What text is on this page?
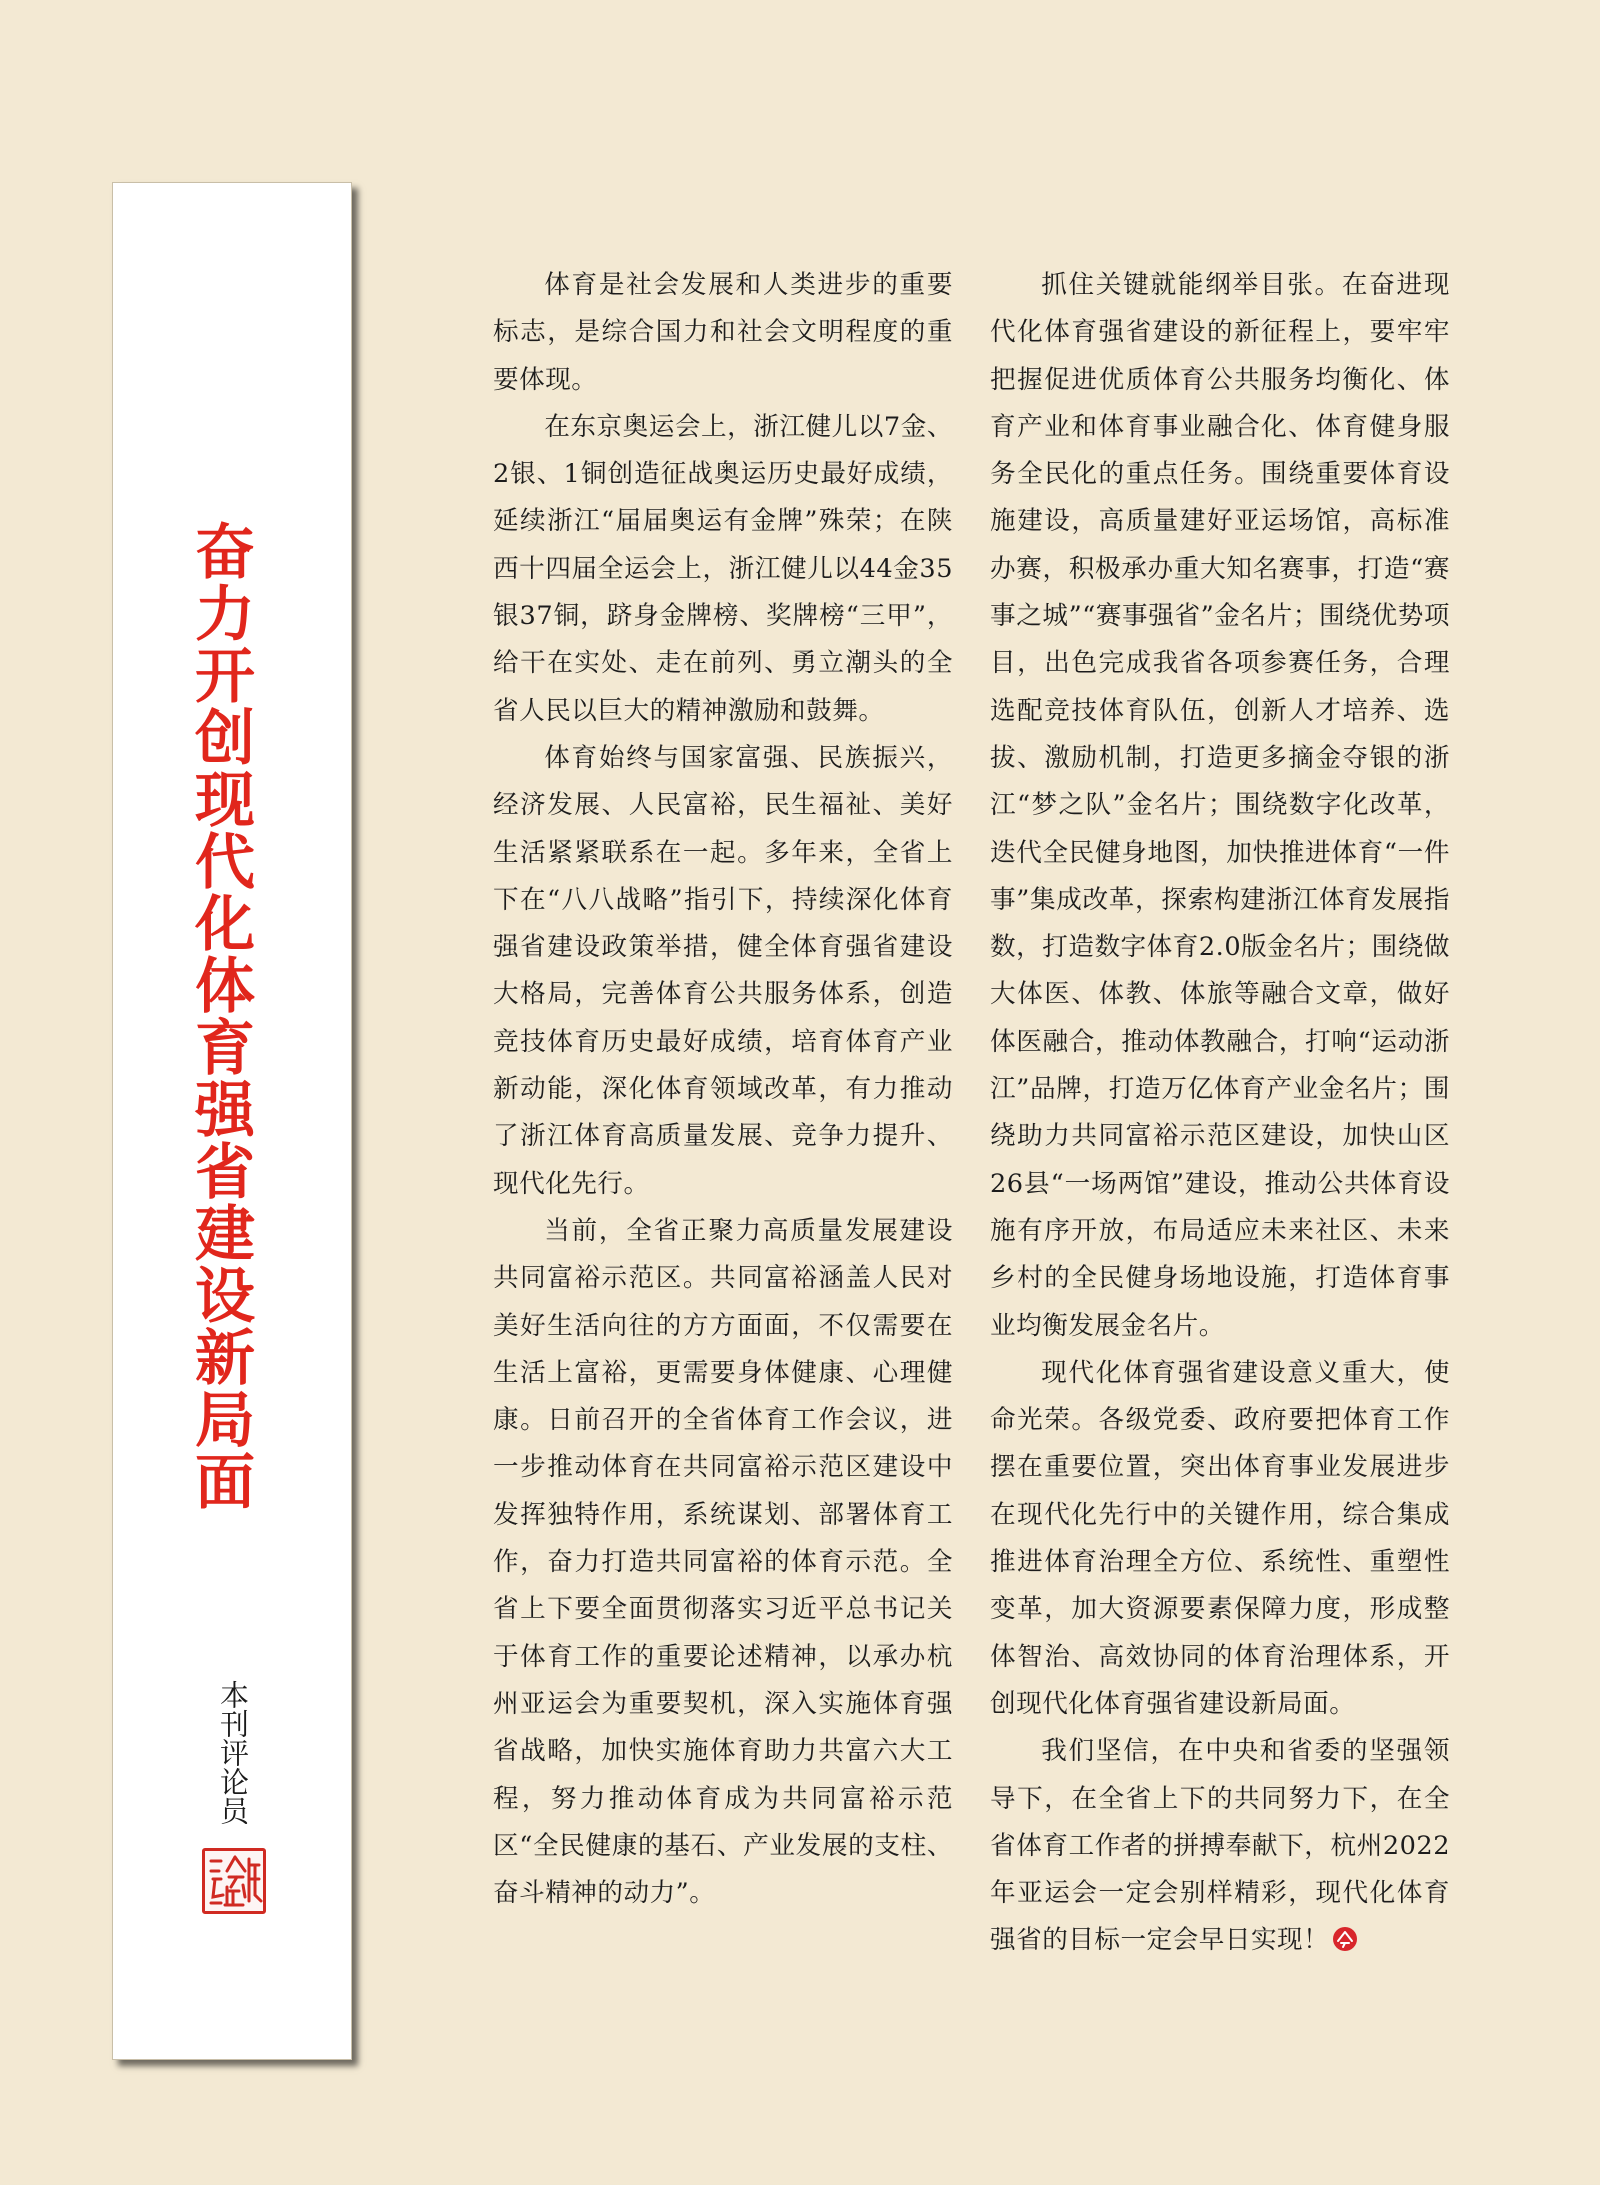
奋力开创现代化体育强省建设新局面
本刊评论员

体育是社会发展和人类进步的重要标志，是综合国力和社会文明程度的重要体现。

在东京奥运会上，浙江健儿以7金、2银、1铜创造征战奥运历史最好成绩，延续浙江“届届奥运有金牌”殊荣；在陕西十四届全运会上，浙江健儿以44金35银37铜，跻身金牌榜、奖牌榜“三甲”，给干在实处、走在前列、勇立潮头的全省人民以巨大的精神激励和鼓舞。

体育始终与国家富强、民族振兴，经济发展、人民富裕，民生福祉、美好生活紧紧联系在一起。多年来，全省上下在“八八战略”指引下，持续深化体育强省建设政策举措，健全体育强省建设大格局，完善体育公共服务体系，创造竞技体育历史最好成绩，培育体育产业新动能，深化体育领域改革，有力推动了浙江体育高质量发展、竞争力提升、现代化先行。

当前，全省正聚力高质量发展建设共同富裕示范区。共同富裕涵盖人民对美好生活向往的方方面面，不仅需要在生活上富裕，更需要身体健康、心理健康。日前召开的全省体育工作会议，进一步推动体育在共同富裕示范区建设中发挥独特作用，系统谋划、部署体育工作，奋力打造共同富裕的体育示范。全省上下要全面贯彻落实习近平总书记关于体育工作的重要论述精神，以承办杭州亚运会为重要契机，深入实施体育强省战略，加快实施体育助力共富六大工程，努力推动体育成为共同富裕示范区“全民健康的基石、产业发展的支柱、奋斗精神的动力”。

抓住关键就能纲举目张。在奋进现代化体育强省建设的新征程上，要牢牢把握促进优质体育公共服务均衡化、体育产业和体育事业融合化、体育健身服务全民化的重点任务。围绕重要体育设施建设，高质量建好亚运场馆，高标准办赛，积极承办重大知名赛事，打造“赛事之城”“赛事强省”金名片；围绕优势项目，出色完成我省各项参赛任务，合理选配竞技体育队伍，创新人才培养、选拔、激励机制，打造更多摘金夺银的浙江“梦之队”金名片；围绕数字化改革，迭代全民健身地图，加快推进体育“一件事”集成改革，探索构建浙江体育发展指数，打造数字体育2.0版金名片；围绕做大体医、体教、体旅等融合文章，做好体医融合，推动体教融合，打响“运动浙江”品牌，打造万亿体育产业金名片；围绕助力共同富裕示范区建设，加快山区26县“一场两馆”建设，推动公共体育设施有序开放，布局适应未来社区、未来乡村的全民健身场地设施，打造体育事业均衡发展金名片。

现代化体育强省建设意义重大，使命光荣。各级党委、政府要把体育工作摆在重要位置，突出体育事业发展进步在现代化先行中的关键作用，综合集成推进体育治理全方位、系统性、重塑性变革，加大资源要素保障力度，形成整体智治、高效协同的体育治理体系，开创现代化体育强省建设新局面。

我们坚信，在中央和省委的坚强领导下，在全省上下的共同努力下，在全省体育工作者的拼搏奉献下，杭州2022年亚运会一定会别样精彩，现代化体育强省的目标一定会早日实现！
